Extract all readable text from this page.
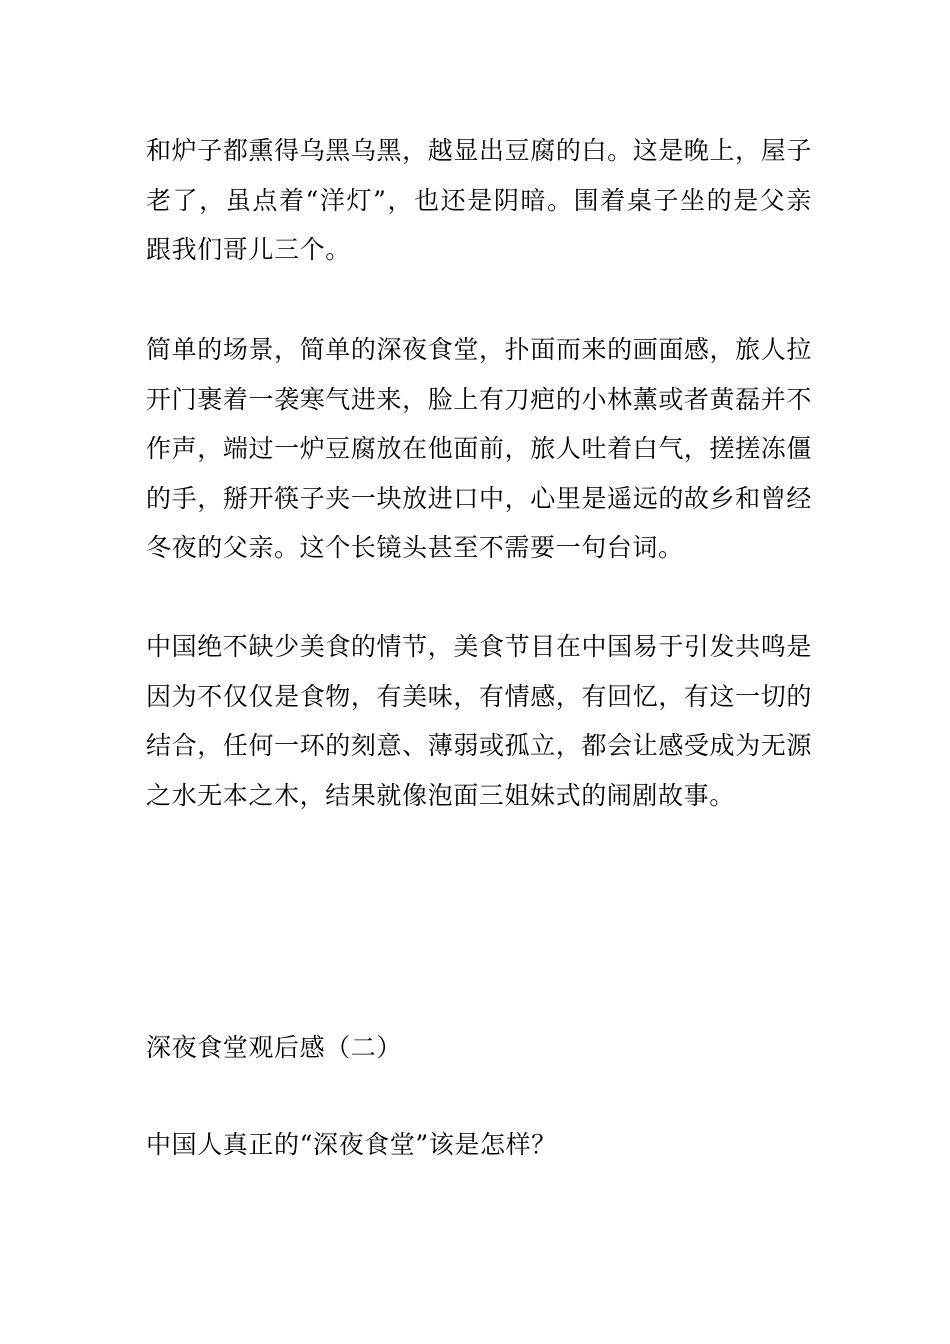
和炉子都熏得乌黑乌黑，越显出豆腐的白。这是晚上，屋子老了，虽点着“洋灯”，也还是阴暗。围着桌子坐的是父亲跟我们哥儿三个。

简单的场景，简单的深夜食堂，扑面而来的画面感，旅人拉开门裹着一袭寒气进来，脸上有刀疤的小林薰或者黄磊并不作声，端过一炉豆腐放在他面前，旅人吐着白气，搓搓冻僵的手，掰开筷子夹一块放进口中，心里是遥远的故乡和曾经冬夜的父亲。这个长镜头甚至不需要一句台词。

中国绝不缺少美食的情节，美食节目在中国易于引发共鸣是因为不仅仅是食物，有美味，有情感，有回忆，有这一切的结合，任何一环的刻意、薄弱或孤立，都会让感受成为无源之水无本之木，结果就像泡面三姐妹式的闹剧故事。

深夜食堂观后感（二）

中国人真正的“深夜食堂”该是怎样？
